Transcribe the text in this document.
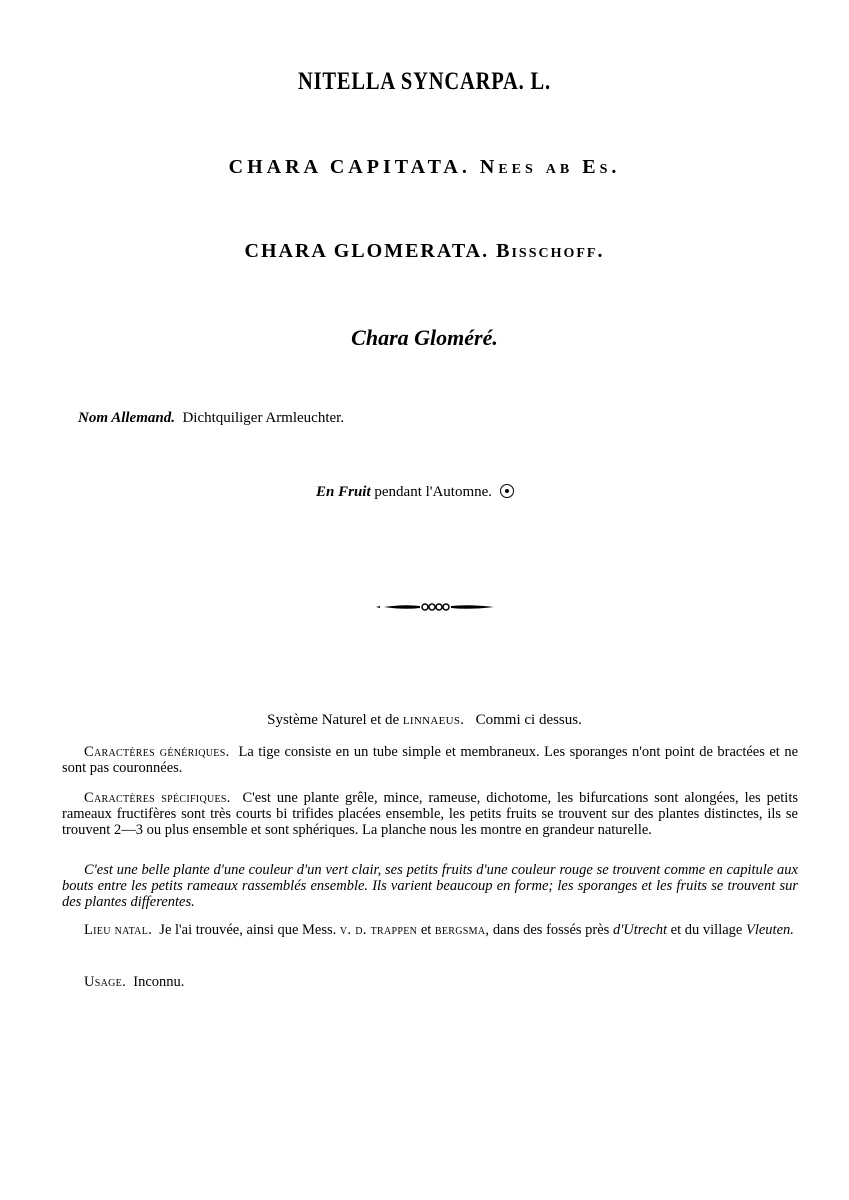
NITELLA SYNCARPA. L.
CHARA CAPITATA. Nees ab Es.
CHARA GLOMERATA. Bisschoff.
Chara Gloméré.
Nom Allemand. Dichtquiliger Armleuchter.
En Fruit pendant l'Automne.
Système Naturel et de linnaeus. Commi ci dessus.
Caractères génériques. La tige consiste en un tube simple et membraneux. Les sporanges n'ont point de bractées et ne sont pas couronnées.
Caractères spécifiques. C'est une plante grêle, mince, rameuse, dichotome, les bifurcations sont alongées, les petits rameaux fructifères sont très courts bi trifides placées ensemble, les petits fruits se trouvent sur des plantes distinctes, ils se trouvent 2—3 ou plus ensemble et sont sphériques. La planche nous les montre en grandeur naturelle.
C'est une belle plante d'une couleur d'un vert clair, ses petits fruits d'une couleur rouge se trouvent comme en capitule aux bouts entre les petits rameaux rassemblés ensemble. Ils varient beaucoup en forme; les sporanges et les fruits se trouvent sur des plantes differentes.
Lieu natal. Je l'ai trouvée, ainsi que Mess. v. d. trappen et bergsma, dans des fossés près d'Utrecht et du village Vleuten.
Usage. Inconnu.
